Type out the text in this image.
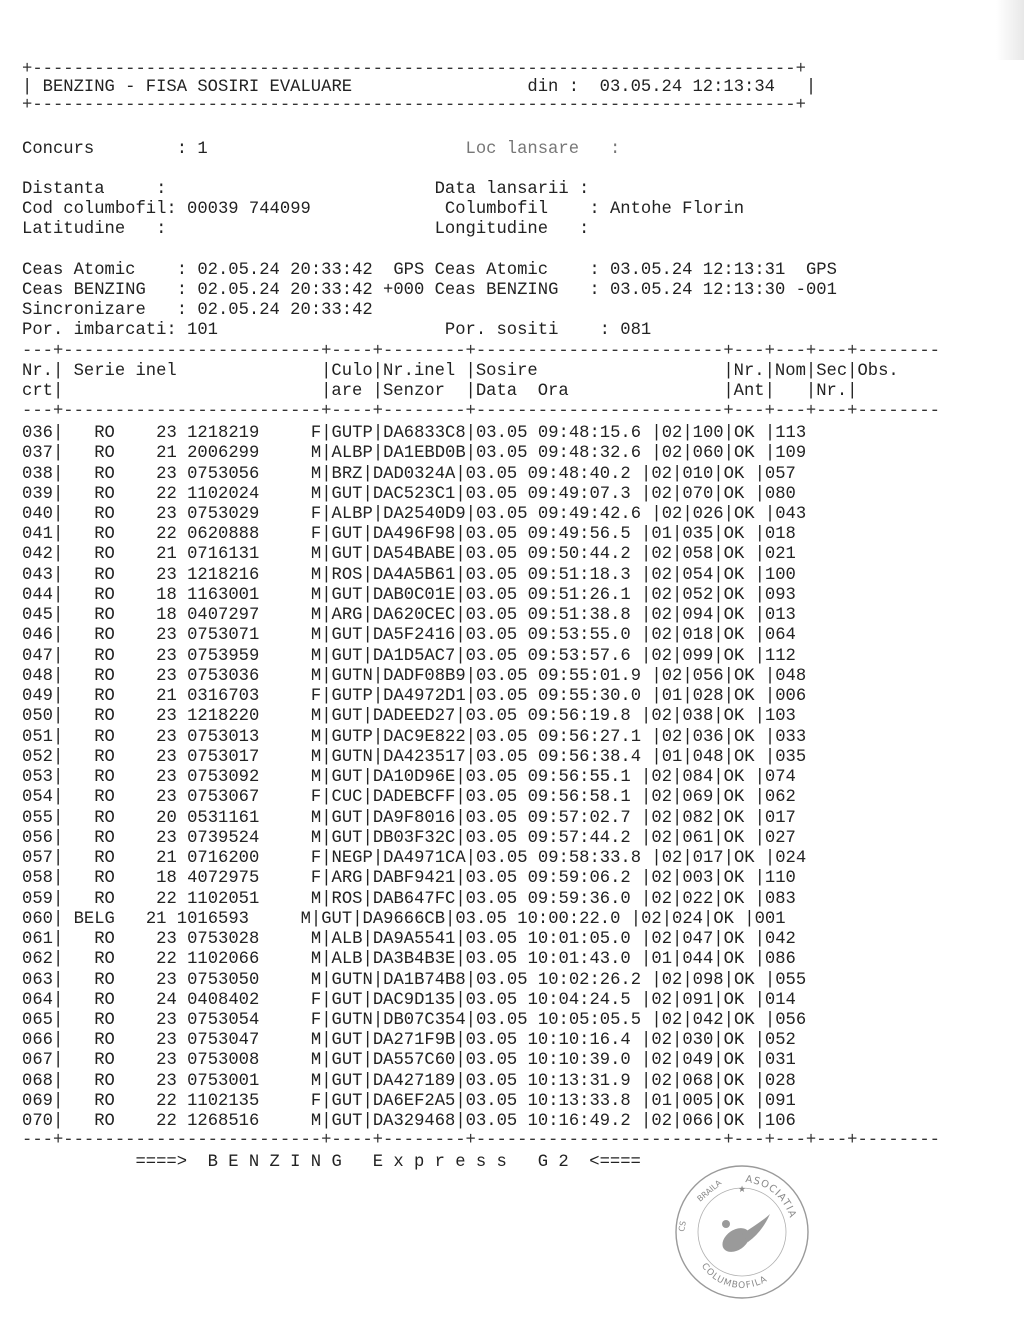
+--------------------------------------------------------------------------+
| BENZING - FISA SOSIRI EVALUARE	din :  03.05.24 12:13:34   |
+--------------------------------------------------------------------------+
Concurs        : 1	Loc lansare :
Distanta     :                          Data lansarii :
Cod columbofil: 00039 744099	Columbofil    : Antohe Florin
Latitudine   :                          Longitudine   :
Ceas Atomic    : 02.05.24 20:33:42  GPS Ceas Atomic    : 03.05.24 12:13:31  GPS
Ceas BENZING   : 02.05.24 20:33:42 +000 Ceas BENZING   : 03.05.24 12:13:30 -001
Sincronizare   : 02.05.24 20:33:42
Por. imbarcati: 101	Por. sositi    : 081
---+-------------------------+----+--------+------------------------+---+---+---+--------
Nr.| Serie inel              |Culo|Nr.inel |Sosire                  |Nr.|Nom|Sec|Obs.
crt|                         |are |Senzor  |Data  Ora               |Ant|   |Nr.|
---+-------------------------+----+--------+------------------------+---+---+---+--------
036| RO 23 1218219	F|GUTP|DA6833C8|03.05 09:48:15.6 |02|100|OK |113
037| RO 21 2006299	M|ALBP|DA1EBD0B|03.05 09:48:32.6 |02|060|OK |109
038| RO 23 0753056	M|BRZ|DAD0324A|03.05 09:48:40.2 |02|010|OK |057
039| RO 22 1102024	M|GUT|DAC523C1|03.05 09:49:07.3 |02|070|OK |080
040| RO 23 0753029	F|ALBP|DA2540D9|03.05 09:49:42.6 |02|026|OK |043
041| RO 22 0620888	F|GUT|DA496F98|03.05 09:49:56.5 |01|035|OK |018
042| RO 21 0716131	M|GUT|DA54BABE|03.05 09:50:44.2 |02|058|OK |021
043| RO 23 1218216	M|ROS|DA4A5B61|03.05 09:51:18.3 |02|054|OK |100
044| RO 18 1163001	M|GUT|DAB0C01E|03.05 09:51:26.1 |02|052|OK |093
045| RO 18 0407297	M|ARG|DA620CEC|03.05 09:51:38.8 |02|094|OK |013
046| RO 23 0753071	M|GUT|DA5F2416|03.05 09:53:55.0 |02|018|OK |064
047| RO 23 0753959	M|GUT|DA1D5AC7|03.05 09:53:57.6 |02|099|OK |112
048| RO 23 0753036	M|GUTN|DADF08B9|03.05 09:55:01.9 |02|056|OK |048
049| RO 21 0316703	F|GUTP|DA4972D1|03.05 09:55:30.0 |01|028|OK |006
050| RO 23 1218220	M|GUT|DADEED27|03.05 09:56:19.8 |02|038|OK |103
051| RO 23 0753013	M|GUTP|DAC9E822|03.05 09:56:27.1 |02|036|OK |033
052| RO 23 0753017	M|GUTN|DA423517|03.05 09:56:38.4 |01|048|OK |035
053| RO 23 0753092	M|GUT|DA10D96E|03.05 09:56:55.1 |02|084|OK |074
054| RO 23 0753067	F|CUC|DADEBCFF|03.05 09:56:58.1 |02|069|OK |062
055| RO 20 0531161	M|GUT|DA9F8016|03.05 09:57:02.7 |02|082|OK |017
056| RO 23 0739524	M|GUT|DB03F32C|03.05 09:57:44.2 |02|061|OK |027
057| RO 21 0716200	F|NEGP|DA4971CA|03.05 09:58:33.8 |02|017|OK |024
058| RO 18 4072975	F|ARG|DABF9421|03.05 09:59:06.2 |02|003|OK |110
059| RO 22 1102051	M|ROS|DAB647FC|03.05 09:59:36.0 |02|022|OK |083
060| BELG 21 1016593	M|GUT|DA9666CB|03.05 10:00:22.0 |02|024|OK |001
061| RO 23 0753028	M|ALB|DA9A5541|03.05 10:01:05.0 |02|047|OK |042
062| RO 22 1102066	M|ALB|DA3B4B3E|03.05 10:01:43.0 |01|044|OK |086
063| RO 23 0753050	M|GUTN|DA1B74B8|03.05 10:02:26.2 |02|098|OK |055
064| RO 24 0408402	F|GUT|DAC9D135|03.05 10:04:24.5 |02|091|OK |014
065| RO 23 0753054	F|GUTN|DB07C354|03.05 10:05:05.5 |02|042|OK |056
066| RO 23 0753047	M|GUT|DA271F9B|03.05 10:10:16.4 |02|030|OK |052
067| RO 23 0753008	M|GUT|DA557C60|03.05 10:10:39.0 |02|049|OK |031
068| RO 23 0753001	M|GUT|DA427189|03.05 10:13:31.9 |02|068|OK |028
069| RO 22 1102135	F|GUT|DA6EF2A5|03.05 10:13:33.8 |01|005|OK |091
070| RO 22 1268516	M|GUT|DA329468|03.05 10:16:49.2 |02|066|OK |106
---+-------------------------+----+--------+------------------------+---+---+---+--------
====>  B E N Z I N G   E x p r e s s   G 2  <====
ASOCIATIA
COLUMBOFILA
BRAILA
CS
★
